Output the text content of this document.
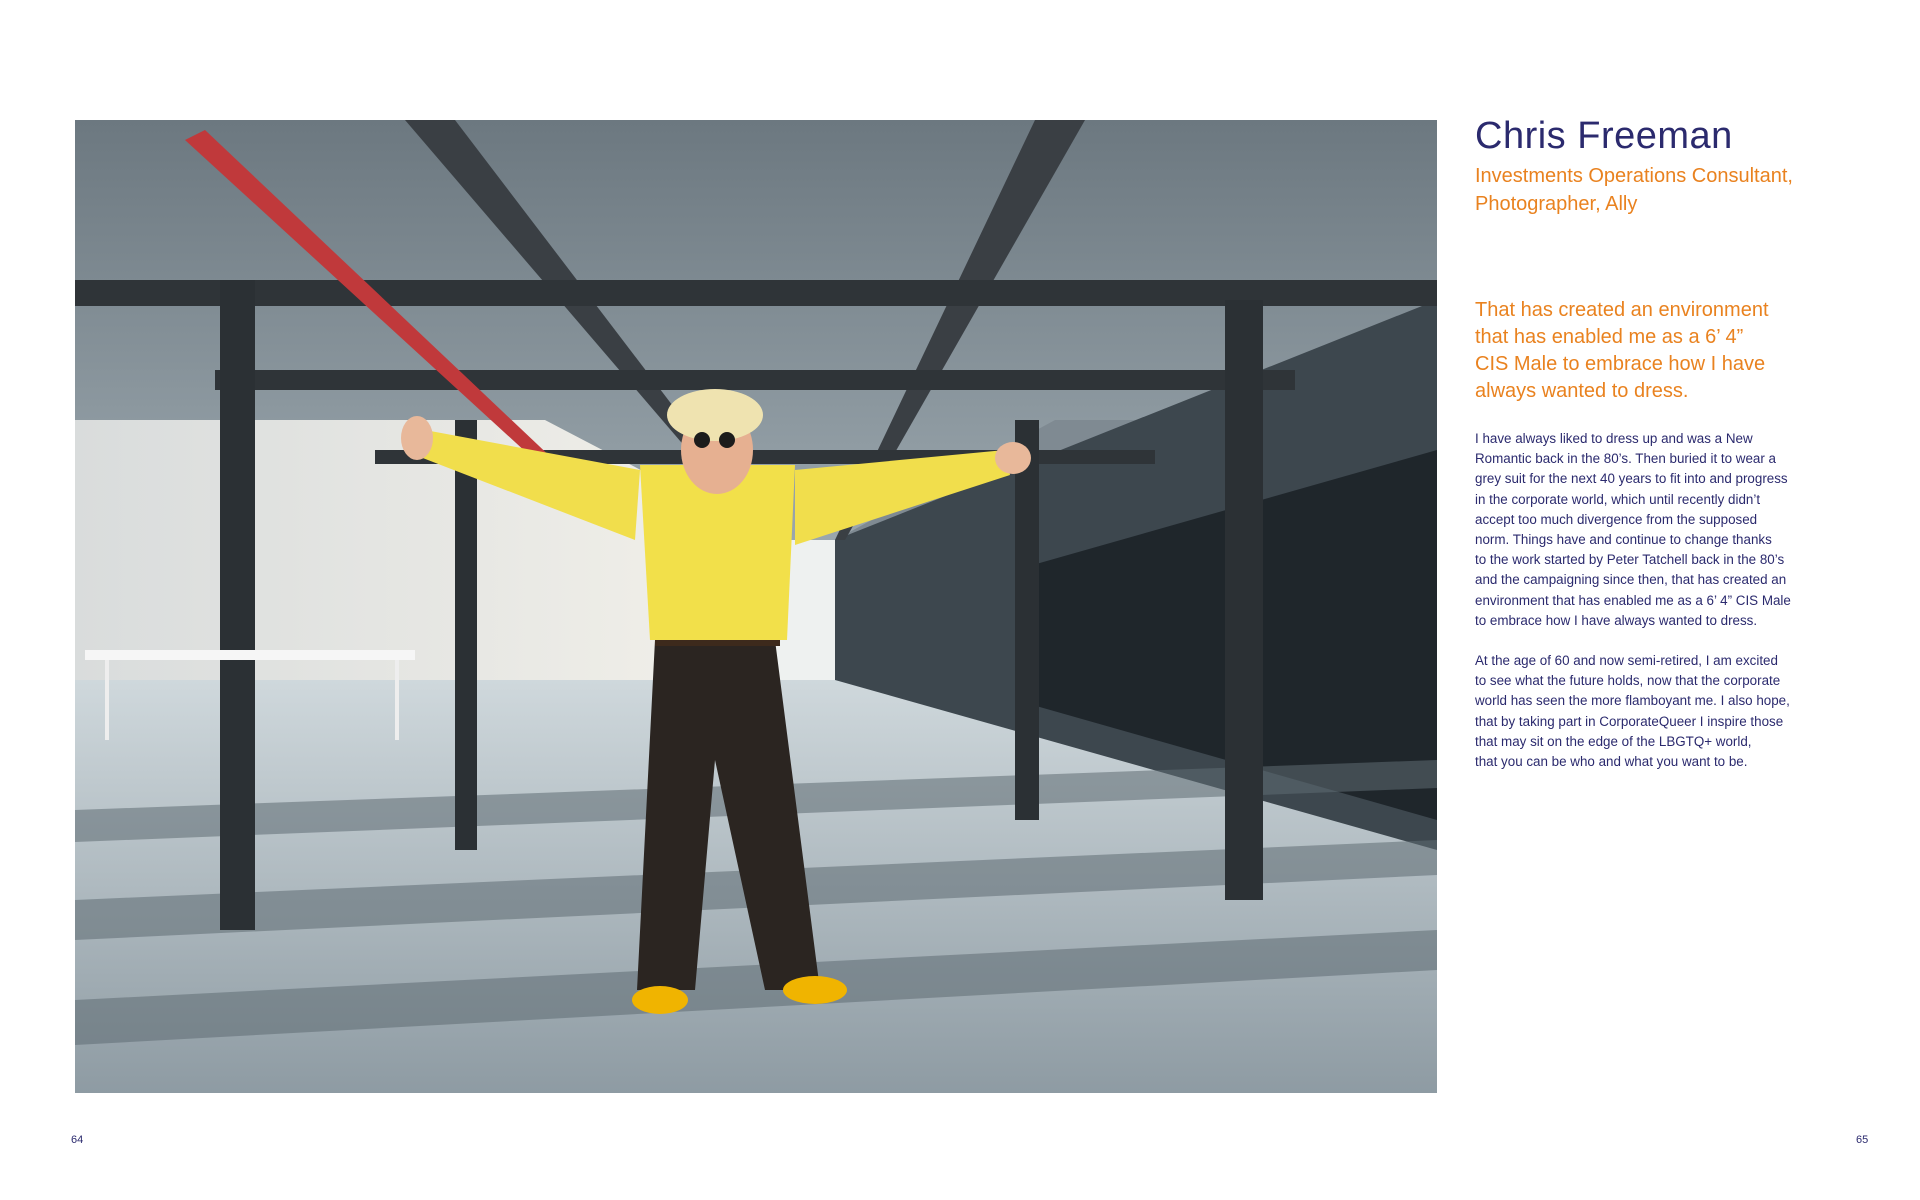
Chris Freeman
Investments Operations Consultant,
Photographer, Ally
That has created an environment
that has enabled me as a 6’ 4”
CIS Male to embrace how I have
always wanted to dress.

I have always liked to dress up and was a New
Romantic back in the 80’s. Then buried it to wear a
grey suit for the next 40 years to fit into and progress
in the corporate world, which until recently didn’t
accept too much divergence from the supposed
norm. Things have and continue to change thanks
to the work started by Peter Tatchell back in the 80’s
and the campaigning since then, that has created an
environment that has enabled me as a 6’ 4” CIS Male
to embrace how I have always wanted to dress.

At the age of 60 and now semi-retired, I am excited
to see what the future holds, now that the corporate
world has seen the more flamboyant me. I also hope,
that by taking part in CorporateQueer I inspire those
that may sit on the edge of the LBGTQ+ world,
that you can be who and what you want to be.

64	65
